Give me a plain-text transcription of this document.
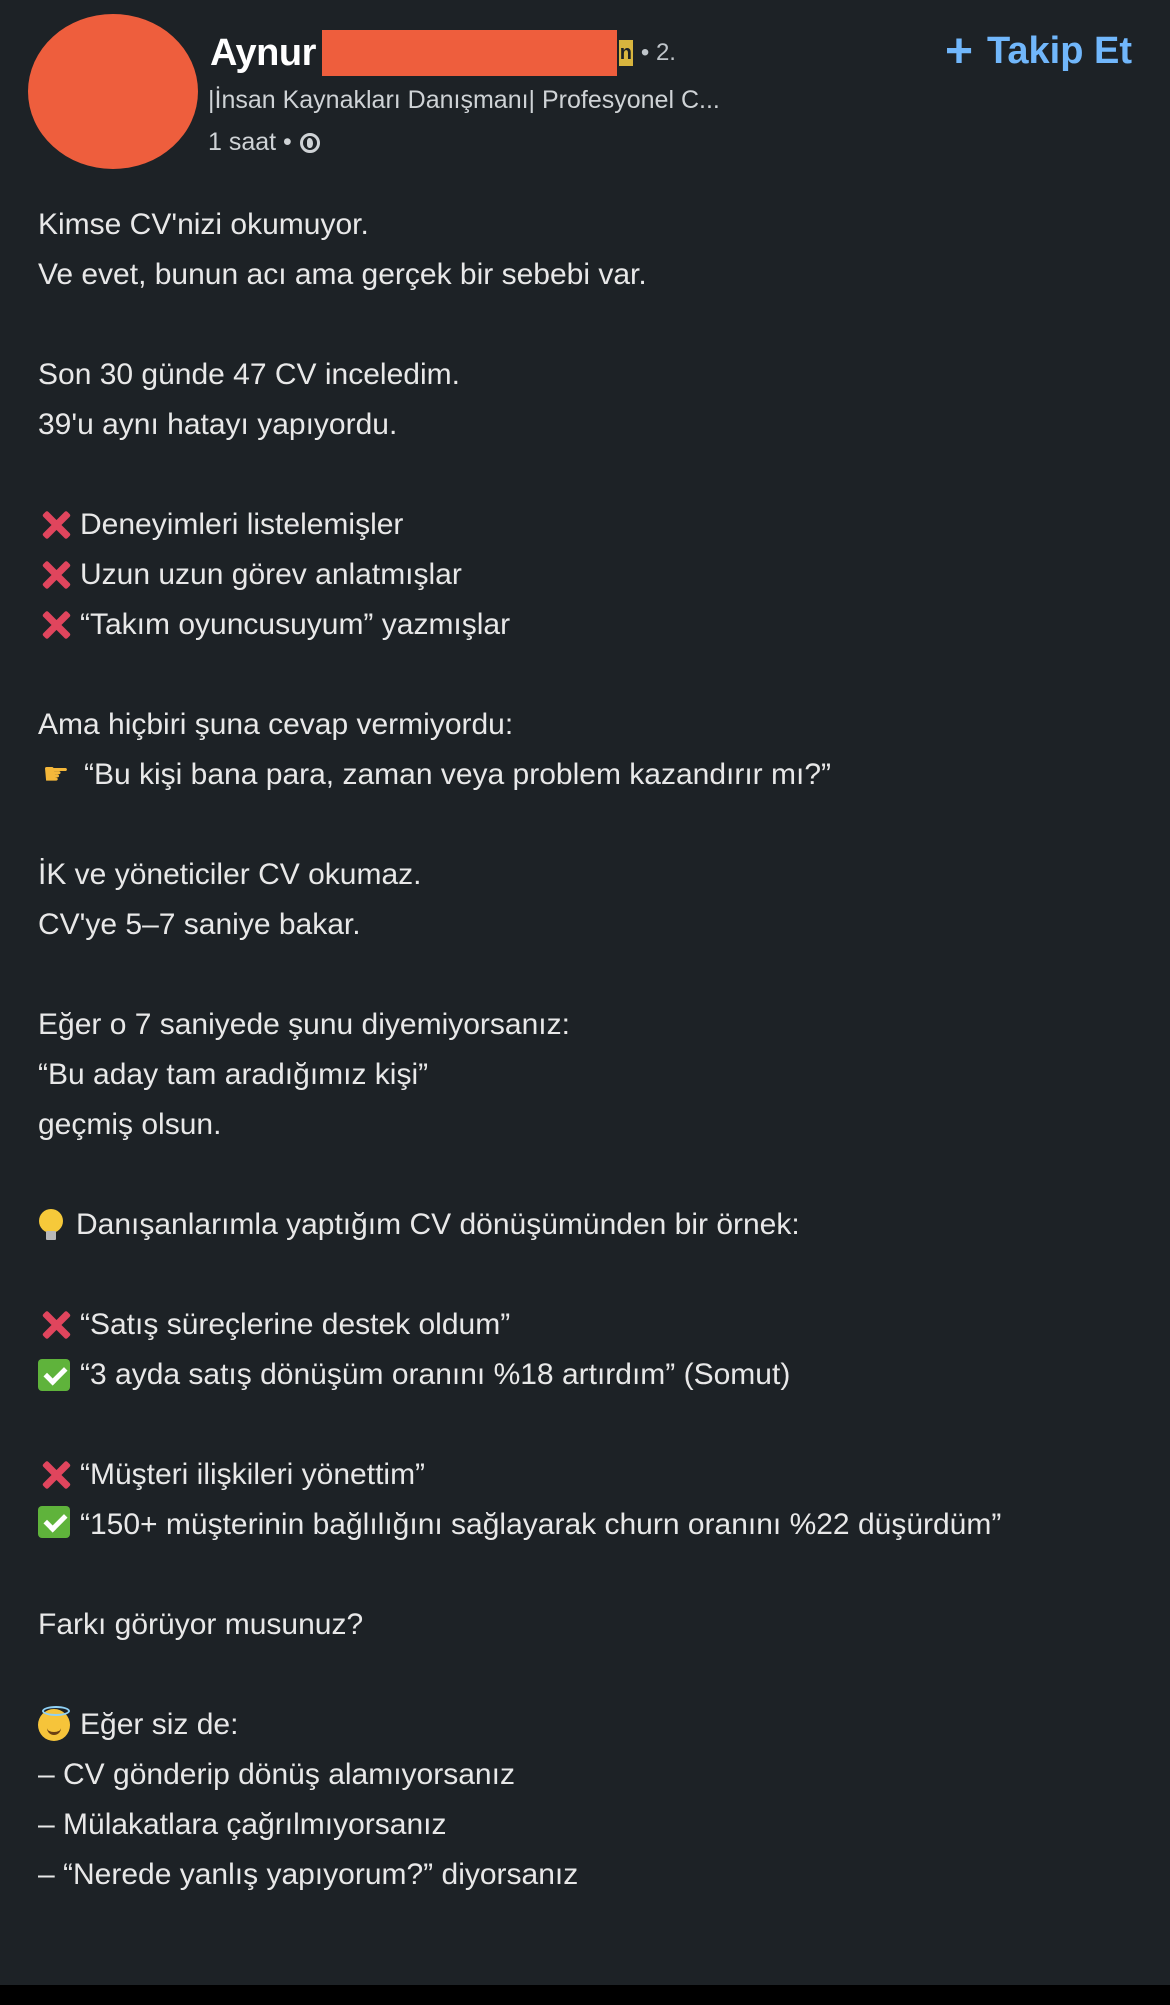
Aynur	n • 2.
|İnsan Kaynakları Danışmanı| Profesyonel C...
1 saat •
+ Takip Et
Kimse CV'nizi okumuyor.
Ve evet, bunun acı ama gerçek bir sebebi var.
Son 30 günde 47 CV inceledim.
39'u aynı hatayı yapıyordu.
Deneyimleri listelemişler
Uzun uzun görev anlatmışlar
“Takım oyuncusuyum” yazmışlar
Ama hiçbiri şuna cevap vermiyordu:
☛ “Bu kişi bana para, zaman veya problem kazandırır mı?”
İK ve yöneticiler CV okumaz.
CV'ye 5–7 saniye bakar.
Eğer o 7 saniyede şunu diyemiyorsanız:
“Bu aday tam aradığımız kişi”
geçmiş olsun.
Danışanlarımla yaptığım CV dönüşümünden bir örnek:
“Satış süreçlerine destek oldum”
“3 ayda satış dönüşüm oranını %18 artırdım” (Somut)
“Müşteri ilişkileri yönettim”
“150+ müşterinin bağlılığını sağlayarak churn oranını %22 düşürdüm”
Farkı görüyor musunuz?
Eğer siz de:
– CV gönderip dönüş alamıyorsanız
– Mülakatlara çağrılmıyorsanız
– “Nerede yanlış yapıyorum?” diyorsanız
